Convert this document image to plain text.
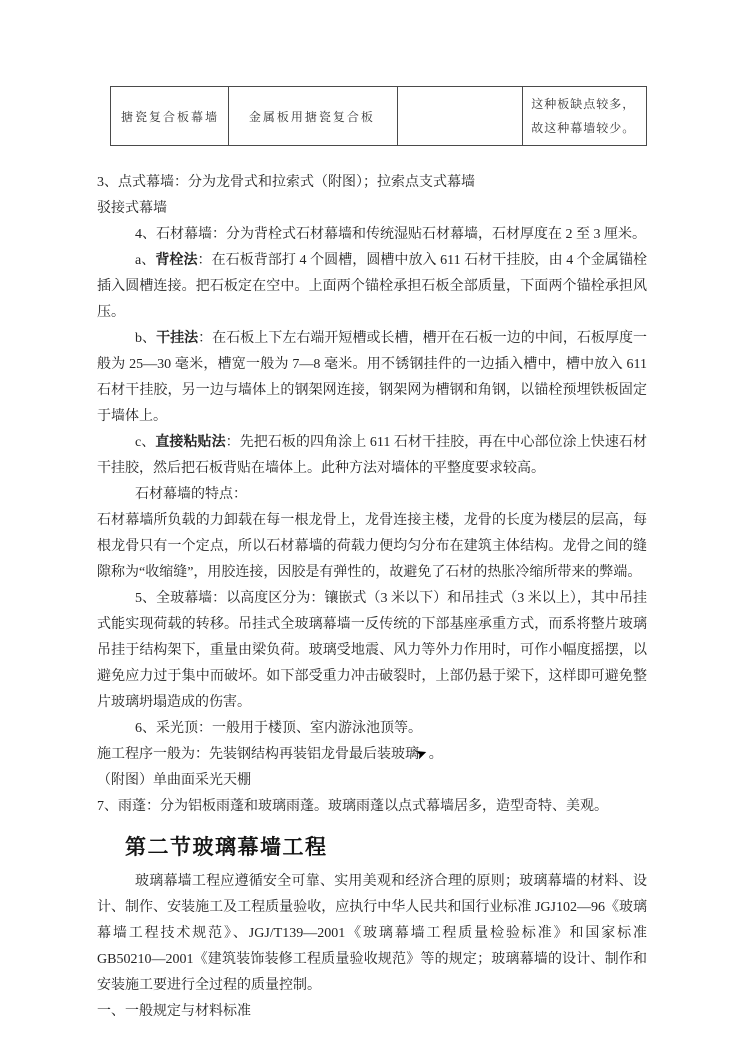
搪瓷复合板幕墙	金属板用搪瓷复合板		这种板缺点较多，故这种幕墙较少。

3、点式幕墙：分为龙骨式和拉索式（附图）；拉索点支式幕墙

驳接式幕墙

4、石材幕墙：分为背栓式石材幕墙和传统湿贴石材幕墙，石材厚度在 2 至 3 厘米。

a、背栓法：在石板背部打 4 个圆槽，圆槽中放入 611 石材干挂胶，由 4 个金属锚栓插入圆槽连接。把石板定在空中。上面两个锚栓承担石板全部质量，下面两个锚栓承担风压。

b、干挂法：在石板上下左右端开短槽或长槽，槽开在石板一边的中间，石板厚度一般为 25—30 毫米，槽宽一般为 7—8 毫米。用不锈钢挂件的一边插入槽中，槽中放入 611 石材干挂胶，另一边与墙体上的钢架网连接，钢架网为槽钢和角钢，以锚栓预埋铁板固定于墙体上。

c、直接粘贴法：先把石板的四角涂上 611 石材干挂胶，再在中心部位涂上快速石材干挂胶，然后把石板背贴在墙体上。此种方法对墙体的平整度要求较高。

石材幕墙的特点：

石材幕墙所负载的力卸载在每一根龙骨上，龙骨连接主楼，龙骨的长度为楼层的层高，每根龙骨只有一个定点，所以石材幕墙的荷载力便均匀分布在建筑主体结构。龙骨之间的缝隙称为“收缩缝”，用胶连接，因胶是有弹性的，故避免了石材的热胀冷缩所带来的弊端。

5、全玻幕墙：以高度区分为：镶嵌式（3 米以下）和吊挂式（3 米以上），其中吊挂式能实现荷载的转移。吊挂式全玻璃幕墙一反传统的下部基座承重方式，而系将整片玻璃吊挂于结构架下，重量由梁负荷。玻璃受地震、风力等外力作用时，可作小幅度摇摆，以避免应力过于集中而破坏。如下部受重力冲击破裂时，上部仍悬于梁下，这样即可避免整片玻璃坍塌造成的伤害。

6、采光顶：一般用于楼顶、室内游泳池顶等。

施工程序一般为：先装钢结构再装铝龙骨最后装玻璃➤。

（附图）单曲面采光天棚

7、雨蓬：分为铝板雨蓬和玻璃雨蓬。玻璃雨蓬以点式幕墙居多，造型奇特、美观。

第二节玻璃幕墙工程

玻璃幕墙工程应遵循安全可靠、实用美观和经济合理的原则；玻璃幕墙的材料、设计、制作、安装施工及工程质量验收，应执行中华人民共和国行业标准 JGJ102—96《玻璃幕墙工程技术规范》、JGJ/T139—2001《玻璃幕墙工程质量检验标准》和国家标准 GB50210—2001《建筑装饰装修工程质量验收规范》等的规定；玻璃幕墙的设计、制作和安装施工要进行全过程的质量控制。

一、一般规定与材料标准
